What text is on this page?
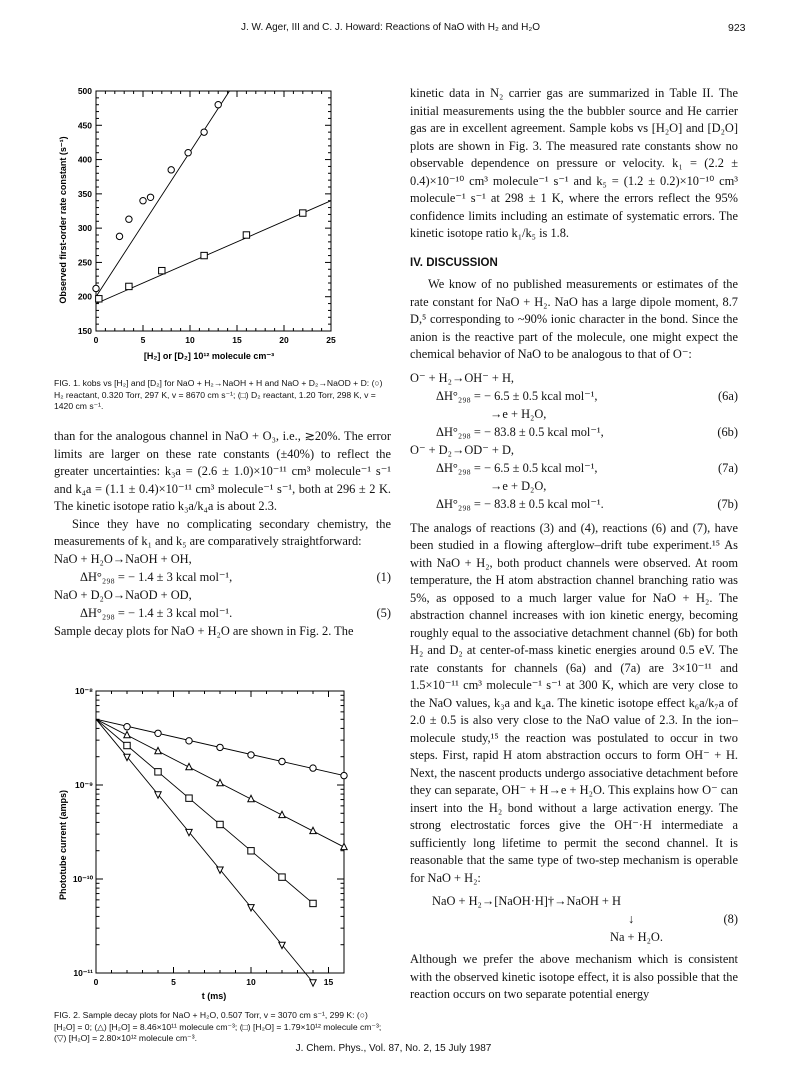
J. W. Ager, III and C. J. Howard: Reactions of NaO with H₂ and H₂O	923
0	5	10	15	20	25
150
200
250
300
350
400
450
500
Observed first-order rate constant (s⁻¹)
[H₂] or [D₂] 10¹² molecule cm⁻³
FIG. 1. kobs vs [H₂] and [D₂] for NaO + H₂→NaOH + H and NaO + D₂→NaOD + D: (○) H₂ reactant, 0.320 Torr, 297 K, v = 8670 cm s⁻¹; (□) D₂ reactant, 1.20 Torr, 298 K, v = 1420 cm s⁻¹.

than for the analogous channel in NaO + O₃, i.e., ≳20%. The error limits are larger on these rate constants (±40%) to reflect the greater uncertainties: k₃a = (2.6 ± 1.0)×10⁻¹¹ cm³ molecule⁻¹ s⁻¹ and k₄a = (1.1 ± 0.4)×10⁻¹¹ cm³ molecule⁻¹ s⁻¹, both at 296 ± 2 K. The kinetic isotope ratio k₃a/k₄a is about 2.3.

Since they have no complicating secondary chemistry, the measurements of k₁ and k₅ are comparatively straightforward:

NaO + H₂O→NaOH + OH,
ΔH°₂₉₈ = − 1.4 ± 3 kcal mol⁻¹,	(1)
NaO + D₂O→NaOD + OD,
ΔH°₂₉₈ = − 1.4 ± 3 kcal mol⁻¹.	(5)

Sample decay plots for NaO + H₂O are shown in Fig. 2. The

0	5	10	15
10⁻⁸
10⁻⁹
10⁻¹⁰
10⁻¹¹
Phototube current (amps)
t (ms)
FIG. 2. Sample decay plots for NaO + H₂O, 0.507 Torr, v = 3070 cm s⁻¹, 299 K: (○) [H₂O] = 0; (△) [H₂O] = 8.46×10¹¹ molecule cm⁻³; (□) [H₂O] = 1.79×10¹² molecule cm⁻³; (▽) [H₂O] = 2.80×10¹² molecule cm⁻³.

kinetic data in N₂ carrier gas are summarized in Table II. The initial measurements using the the bubbler source and He carrier gas are in excellent agreement. Sample kobs vs [H₂O] and [D₂O] plots are shown in Fig. 3. The measured rate constants show no observable dependence on pressure or velocity. k₁ = (2.2 ± 0.4)×10⁻¹⁰ cm³ molecule⁻¹ s⁻¹ and k₅ = (1.2 ± 0.2)×10⁻¹⁰ cm³ molecule⁻¹ s⁻¹ at 298 ± 1 K, where the errors reflect the 95% confidence limits including an estimate of systematic errors. The kinetic isotope ratio k₁/k₅ is 1.8.

IV. DISCUSSION

We know of no published measurements or estimates of the rate constant for NaO + H₂. NaO has a large dipole moment, 8.7 D,⁵ corresponding to ~90% ionic character in the bond. Since the anion is the reactive part of the molecule, one might expect the chemical behavior of NaO to be analogous to that of O⁻:

O⁻ + H₂→OH⁻ + H,
ΔH°₂₉₈ = − 6.5 ± 0.5 kcal mol⁻¹,	(6a)
→e + H₂O,
ΔH°₂₉₈ = − 83.8 ± 0.5 kcal mol⁻¹,	(6b)
O⁻ + D₂→OD⁻ + D,
ΔH°₂₉₈ = − 6.5 ± 0.5 kcal mol⁻¹,	(7a)
→e + D₂O,
ΔH°₂₉₈ = − 83.8 ± 0.5 kcal mol⁻¹.	(7b)

The analogs of reactions (3) and (4), reactions (6) and (7), have been studied in a flowing afterglow–drift tube experiment.¹⁵ As with NaO + H₂, both product channels were observed. At room temperature, the H atom abstraction channel branching ratio was 5%, as opposed to a much larger value for NaO + H₂. The abstraction channel increases with ion kinetic energy, becoming roughly equal to the associative detachment channel (6b) for both H₂ and D₂ at center-of-mass kinetic energies around 0.5 eV. The rate constants for channels (6a) and (7a) are 3×10⁻¹¹ and 1.5×10⁻¹¹ cm³ molecule⁻¹ s⁻¹ at 300 K, which are very close to the NaO values, k₃a and k₄a. The kinetic isotope effect k₆a/k₇a of 2.0 ± 0.5 is also very close to the NaO value of 2.3. In the ion–molecule study,¹⁵ the reaction was postulated to occur in two steps. First, rapid H atom abstraction occurs to form OH⁻ + H. Next, the nascent products undergo associative detachment before they can separate, OH⁻ + H→e + H₂O. This explains how O⁻ can insert into the H₂ bond without a large activation energy. The strong electrostatic forces give the OH⁻·H intermediate a sufficiently long lifetime to permit the second channel. It is reasonable that the same type of two-step mechanism is operable for NaO + H₂:

NaO + H₂→[NaOH·H]†→NaOH + H
↓	(8)
Na + H₂O.

Although we prefer the above mechanism which is consistent with the observed kinetic isotope effect, it is also possible that the reaction occurs on two separate potential energy

J. Chem. Phys., Vol. 87, No. 2, 15 July 1987
